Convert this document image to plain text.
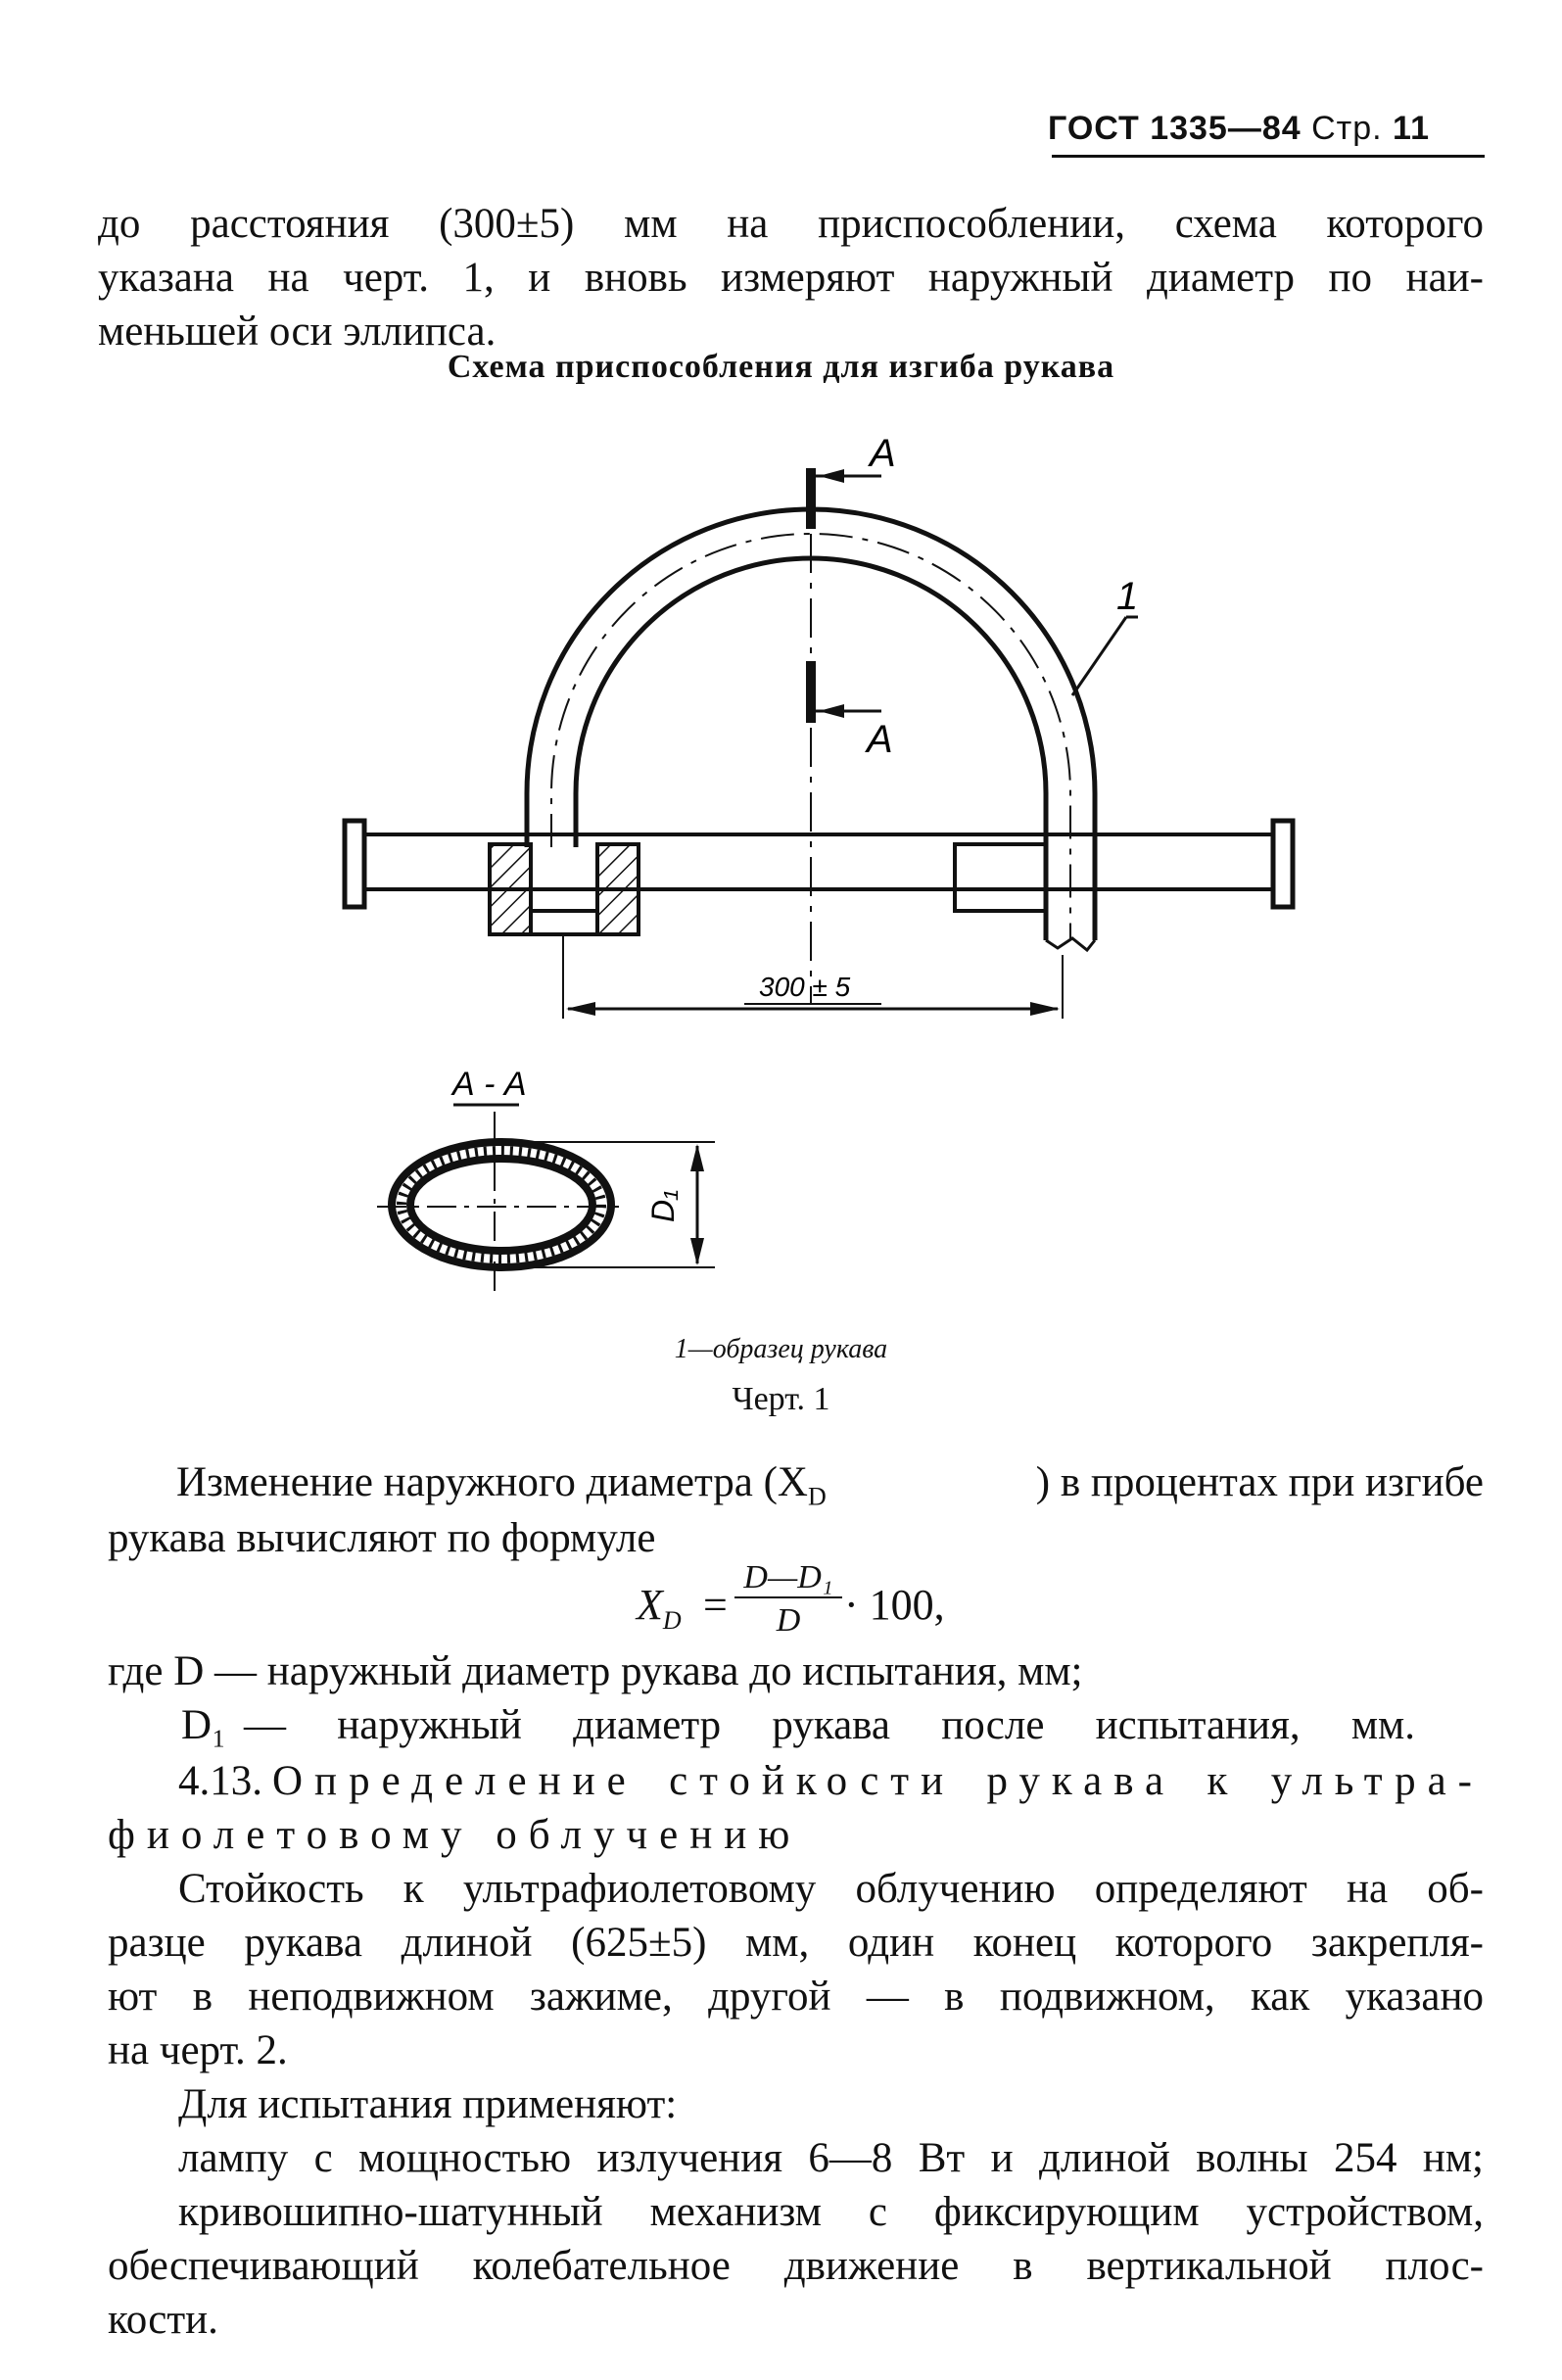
ГОСТ 1335—84 Стр. 11
до расстояния (300±5) мм на приспособлении, схема которого
указана на черт. 1, и вновь измеряют наружный диаметр по наи-
меньшей оси эллипса.
Схема приспособления для изгиба рукава
А
А
1
300 ± 5
А - А
D₁
1—образец рукава
Черт. 1
Изменение наружного диаметра ($X_D$	) в процентах при изгибе
рукава вычисляют по формуле
$X_D$ =
D—D₁
D	· 100,
где D — наружный диаметр рукава до испытания, мм;
D₁ — наружный диаметр рукава после испытания, мм.
4.13. Определение стойкости рукава к ультра-
фиолетовому облучению
Стойкость к ультрафиолетовому облучению определяют на об-
разце рукава длиной (625±5) мм, один конец которого закрепля-
ют в неподвижном зажиме, другой — в подвижном, как указано
на черт. 2.
Для испытания применяют:
лампу с мощностью излучения 6—8 Вт и длиной волны 254 нм;
кривошипно-шатунный механизм с фиксирующим устройством,
обеспечивающий колебательное движение в вертикальной плос-
кости.
